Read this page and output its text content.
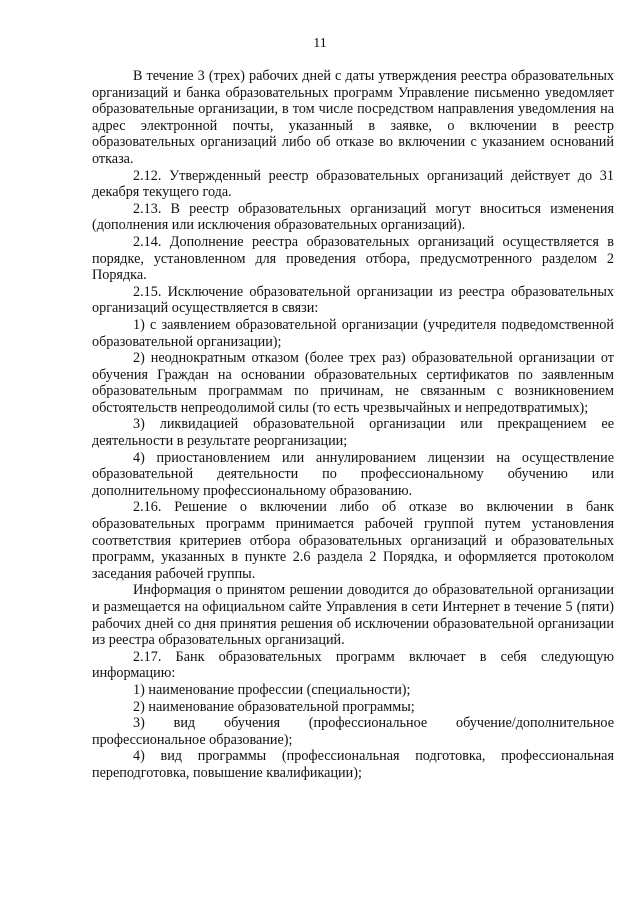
11

В течение 3 (трех) рабочих дней с даты утверждения реестра образовательных организаций и банка образовательных программ Управление письменно уведомляет образовательные организации, в том числе посредством направления уведомления на адрес электронной почты, указанный в заявке, о включении в реестр образовательных организаций либо об отказе во включении с указанием оснований отказа.

2.12. Утвержденный реестр образовательных организаций действует до 31 декабря текущего года.

2.13. В реестр образовательных организаций могут вноситься изменения (дополнения или исключения образовательных организаций).

2.14. Дополнение реестра образовательных организаций осуществляется в порядке, установленном для проведения отбора, предусмотренного разделом 2 Порядка.

2.15. Исключение образовательной организации из реестра образовательных организаций осуществляется в связи:

1) с заявлением образовательной организации (учредителя подведомственной образовательной организации);

2) неоднократным отказом (более трех раз) образовательной организации от обучения Граждан на основании образовательных сертификатов по заявленным образовательным программам по причинам, не связанным с возникновением обстоятельств непреодолимой силы (то есть чрезвычайных и непредотвратимых);

3) ликвидацией образовательной организации или прекращением ее деятельности в результате реорганизации;

4) приостановлением или аннулированием лицензии на осуществление образовательной деятельности по профессиональному обучению или дополнительному профессиональному образованию.

2.16. Решение о включении либо об отказе во включении в банк образовательных программ принимается рабочей группой путем установления соответствия критериев отбора образовательных организаций и образовательных программ, указанных в пункте 2.6 раздела 2 Порядка, и оформляется протоколом заседания рабочей группы.

Информация о принятом решении доводится до образовательной организации и размещается на официальном сайте Управления в сети Интернет в течение 5 (пяти) рабочих дней со дня принятия решения об исключении образовательной организации из реестра образовательных организаций.

2.17. Банк образовательных программ включает в себя следующую информацию:

1) наименование профессии (специальности);

2) наименование образовательной программы;

3) вид обучения (профессиональное обучение/дополнительное профессиональное образование);

4) вид программы (профессиональная подготовка, профессиональная переподготовка, повышение квалификации);
